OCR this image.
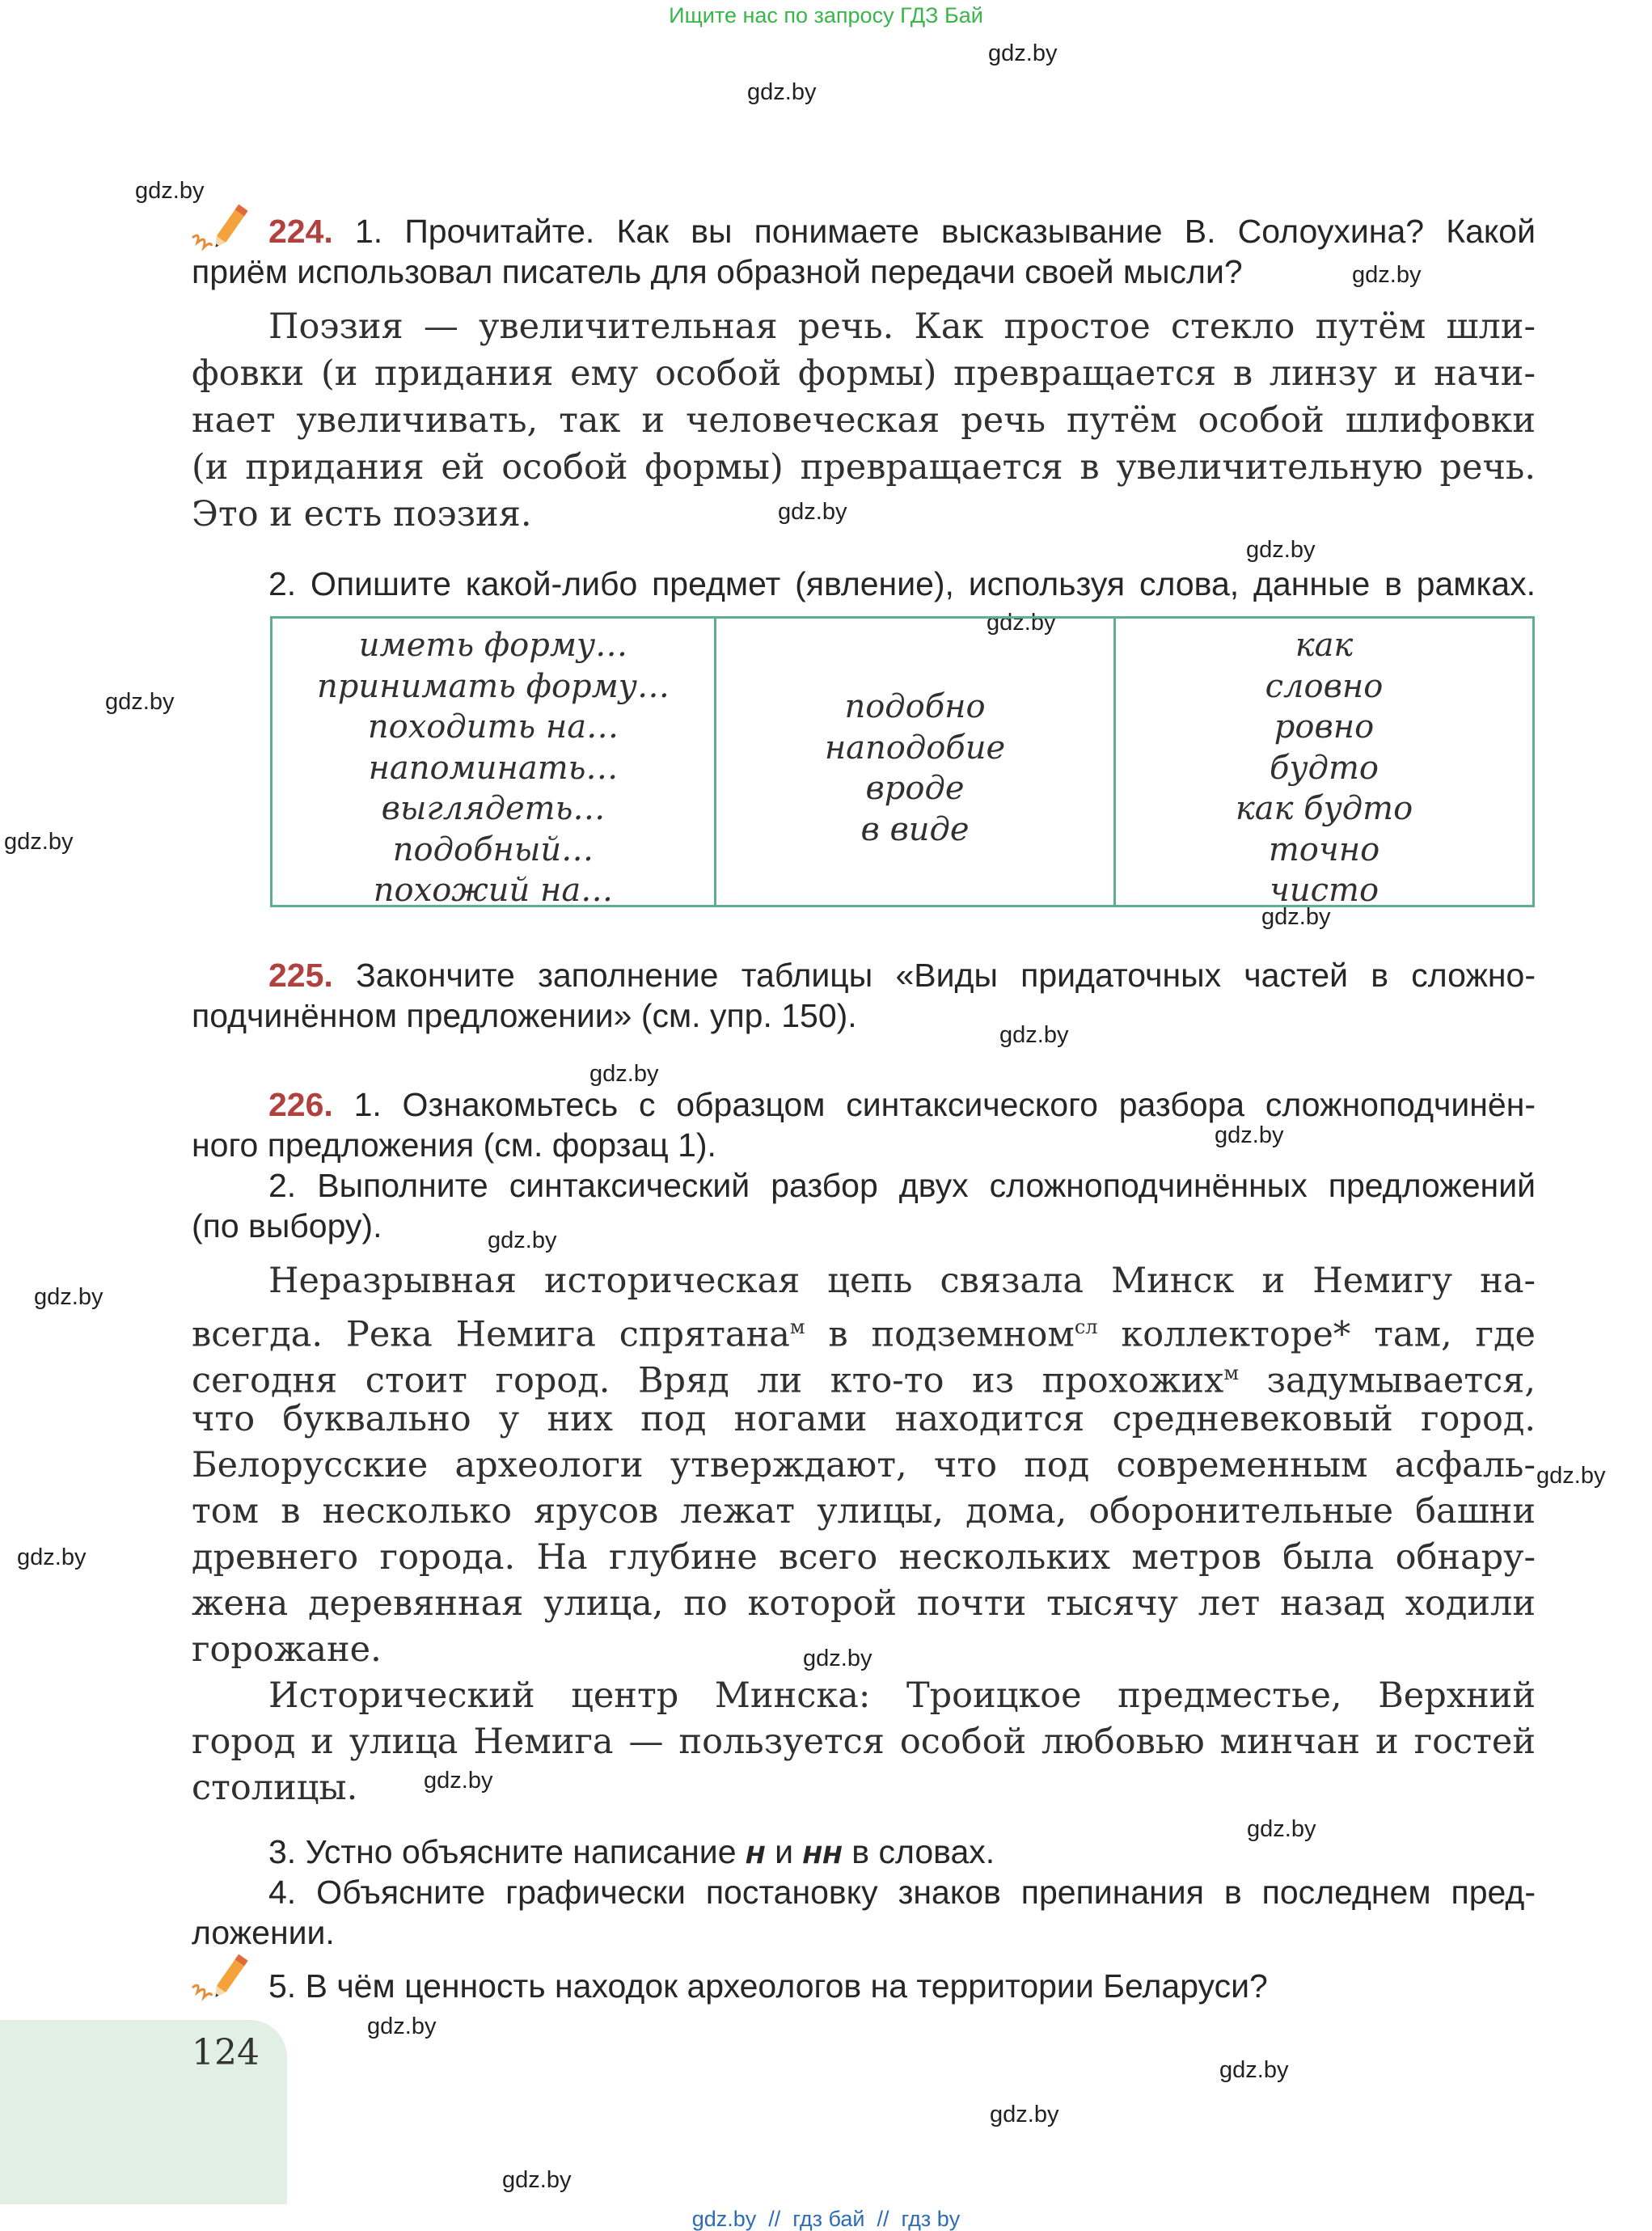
Ищите нас по запросу ГДЗ Бай
gdz.by
gdz.by
gdz.by
gdz.by
gdz.by
gdz.by
gdz.by
gdz.by
gdz.by
gdz.by
gdz.by
gdz.by
gdz.by
gdz.by
gdz.by
gdz.by
gdz.by
gdz.by
gdz.by
gdz.by
gdz.by
gdz.by
gdz.by
gdz.by
224. 1. Прочитайте. Как вы понимаете высказывание В. Солоухина? Какой
приём использовал писатель для образной передачи своей мысли?
Поэзия — увеличительная речь. Как простое стекло путём шли-
фовки (и придания ему особой формы) превращается в линзу и начи-
нает увеличивать, так и человеческая речь путём особой шлифовки
(и придания ей особой формы) превращается в увеличительную речь.
Это и есть поэзия.
2. Опишите какой-либо предмет (явление), используя слова, данные в рамках.
иметь форму…
принимать форму…
походить на…
напоминать…
выглядеть…
подобный…
похожий на…
подобно
наподобие
вроде
в виде
как
словно
ровно
будто
как будто
точно
чисто
225. Закончите заполнение таблицы «Виды придаточных частей в сложно-
подчинённом предложении» (см. упр. 150).
226. 1. Ознакомьтесь с образцом синтаксического разбора сложноподчинён-
ного предложения (см. форзац 1).
2. Выполните синтаксический разбор двух сложноподчинённых предложений
(по выбору).
Неразрывная историческая цепь связала Минск и Немигу на-
всегда. Река Немига спрятана$^м$ в подземном$^{сл}$ коллекторе* там, где
сегодня стоит город. Вряд ли кто-то из прохожих$^м$ задумывается,
что буквально у них под ногами находится средневековый город.
Белорусские археологи утверждают, что под современным асфаль-
том в несколько ярусов лежат улицы, дома, оборонительные башни
древнего города. На глубине всего нескольких метров была обнару-
жена деревянная улица, по которой почти тысячу лет назад ходили
горожане.
Исторический центр Минска: Троицкое предместье, Верхний
город и улица Немига — пользуется особой любовью минчан и гостей
столицы.
3. Устно объясните написание н и нн в словах.
4. Объясните графически постановку знаков препинания в последнем пред-
ложении.
5. В чём ценность находок археологов на территории Беларуси?
124
gdz.by  //  гдз бай  //  гдз by
